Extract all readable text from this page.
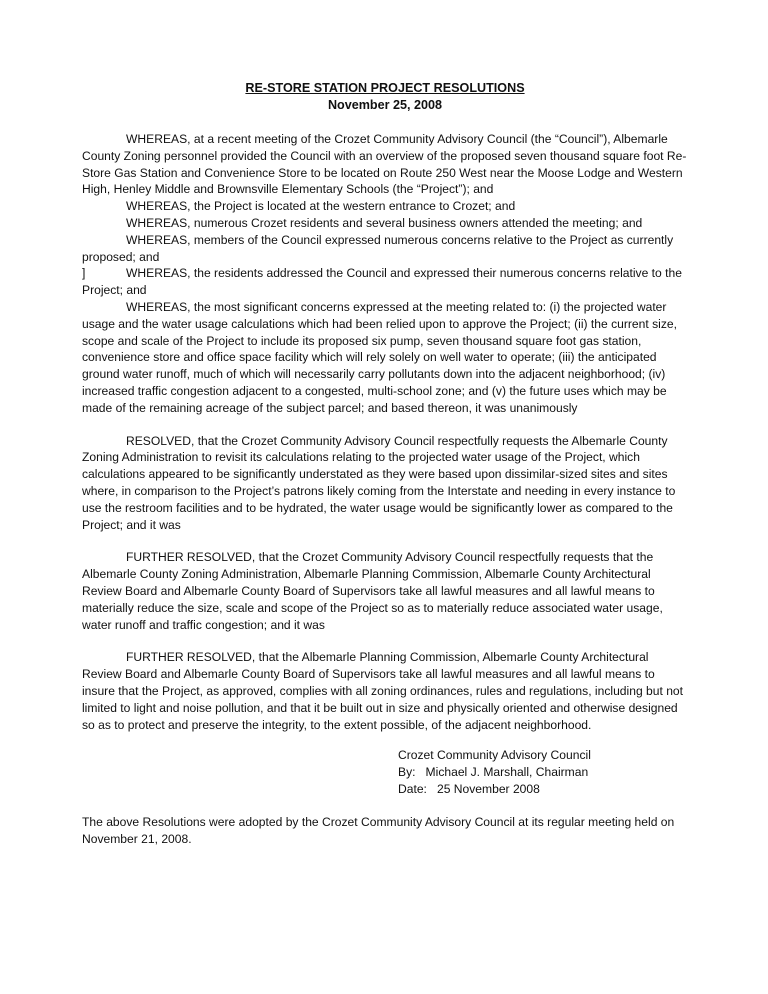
RE-STORE STATION PROJECT RESOLUTIONS
November 25, 2008

WHEREAS, at a recent meeting of the Crozet Community Advisory Council (the “Council”), Albemarle County Zoning personnel provided the Council with an overview of the proposed seven thousand square foot Re-Store Gas Station and Convenience Store to be located on Route 250 West near the Moose Lodge and Western High, Henley Middle and Brownsville Elementary Schools (the “Project”); and

WHEREAS, the Project is located at the western entrance to Crozet; and

WHEREAS, numerous Crozet residents and several business owners attended the meeting; and

WHEREAS, members of the Council expressed numerous concerns relative to the Project as currently proposed; and

]	WHEREAS, the residents addressed the Council and expressed their numerous concerns relative to the Project; and

WHEREAS, the most significant concerns expressed at the meeting related to: (i) the projected water usage and the water usage calculations which had been relied upon to approve the Project; (ii) the current size, scope and scale of the Project to include its proposed six pump, seven thousand square foot gas station, convenience store and office space facility which will rely solely on well water to operate; (iii) the anticipated ground water runoff, much of which will necessarily carry pollutants down into the adjacent neighborhood; (iv) increased traffic congestion adjacent to a congested, multi-school zone; and (v) the future uses which may be made of the remaining acreage of the subject parcel; and based thereon, it was unanimously

RESOLVED, that the Crozet Community Advisory Council respectfully requests the Albemarle County Zoning Administration to revisit its calculations relating to the projected water usage of the Project, which calculations appeared to be significantly understated as they were based upon dissimilar-sized sites and sites where, in comparison to the Project’s patrons likely coming from the Interstate and needing in every instance to use the restroom facilities and to be hydrated, the water usage would be significantly lower as compared to the Project; and it was

FURTHER RESOLVED, that the Crozet Community Advisory Council respectfully requests that the Albemarle County Zoning Administration, Albemarle Planning Commission, Albemarle County Architectural Review Board and Albemarle County Board of Supervisors take all lawful measures and all lawful means to materially reduce the size, scale and scope of the Project so as to materially reduce associated water usage, water runoff and traffic congestion; and it was

FURTHER RESOLVED, that the Albemarle Planning Commission, Albemarle County Architectural Review Board and Albemarle County Board of Supervisors take all lawful measures and all lawful means to insure that the Project, as approved, complies with all zoning ordinances, rules and regulations, including but not limited to light and noise pollution, and that it be built out in size and physically oriented and otherwise designed so as to protect and preserve the integrity, to the extent possible, of the adjacent neighborhood.

Crozet Community Advisory Council
By:   Michael J. Marshall, Chairman
Date:   25 November 2008

The above Resolutions were adopted by the Crozet Community Advisory Council at its regular meeting held on November 21, 2008.
